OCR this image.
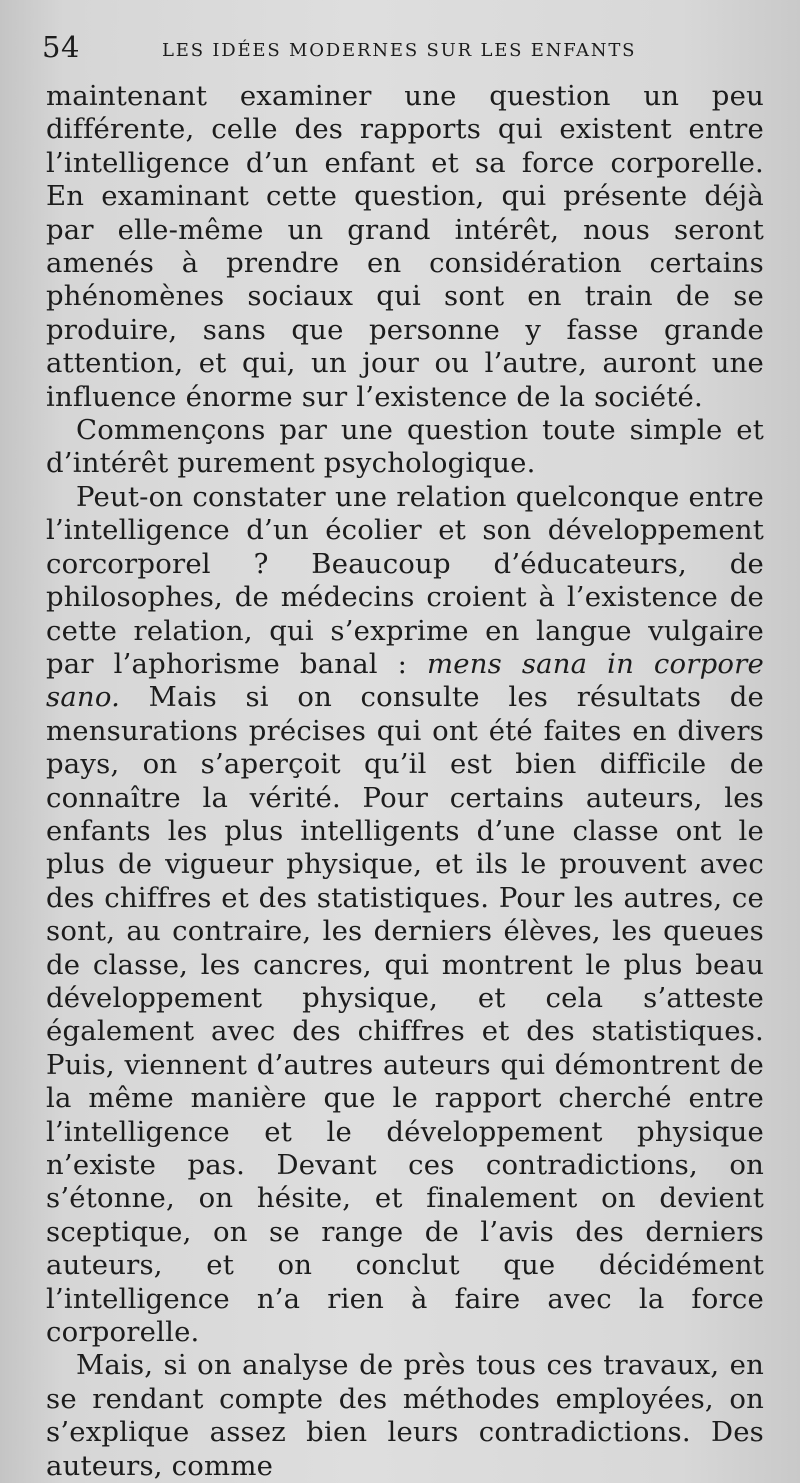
54	LES IDÉES MODERNES SUR LES ENFANTS

maintenant examiner une question un peu différente, celle des rapports qui existent entre l’intelligence d’un enfant et sa force corporelle. En examinant cette question, qui présente déjà par elle-même un grand intérêt, nous seront amenés à prendre en considération certains phénomènes sociaux qui sont en train de se produire, sans que personne y fasse grande attention, et qui, un jour ou l’autre, auront une influence énorme sur l’existence de la société.

Commençons par une question toute simple et d’intérêt purement psychologique.

Peut-on constater une relation quelconque entre l’intelligence d’un écolier et son développement corcorporel ? Beaucoup d’éducateurs, de philosophes, de médecins croient à l’existence de cette relation, qui s’exprime en langue vulgaire par l’aphorisme banal : mens sana in corpore sano. Mais si on consulte les résultats de mensurations précises qui ont été faites en divers pays, on s’aperçoit qu’il est bien difficile de connaître la vérité. Pour certains auteurs, les enfants les plus intelligents d’une classe ont le plus de vigueur physique, et ils le prouvent avec des chiffres et des statistiques. Pour les autres, ce sont, au contraire, les derniers élèves, les queues de classe, les cancres, qui montrent le plus beau développement physique, et cela s’atteste également avec des chiffres et des statistiques. Puis, viennent d’autres auteurs qui démontrent de la même manière que le rapport cherché entre l’intelligence et le développement physique n’existe pas. Devant ces contradictions, on s’étonne, on hésite, et finalement on devient sceptique, on se range de l’avis des derniers auteurs, et on conclut que décidément l’intelligence n’a rien à faire avec la force corporelle.

Mais, si on analyse de près tous ces travaux, en se rendant compte des méthodes employées, on s’explique assez bien leurs contradictions. Des auteurs, comme
